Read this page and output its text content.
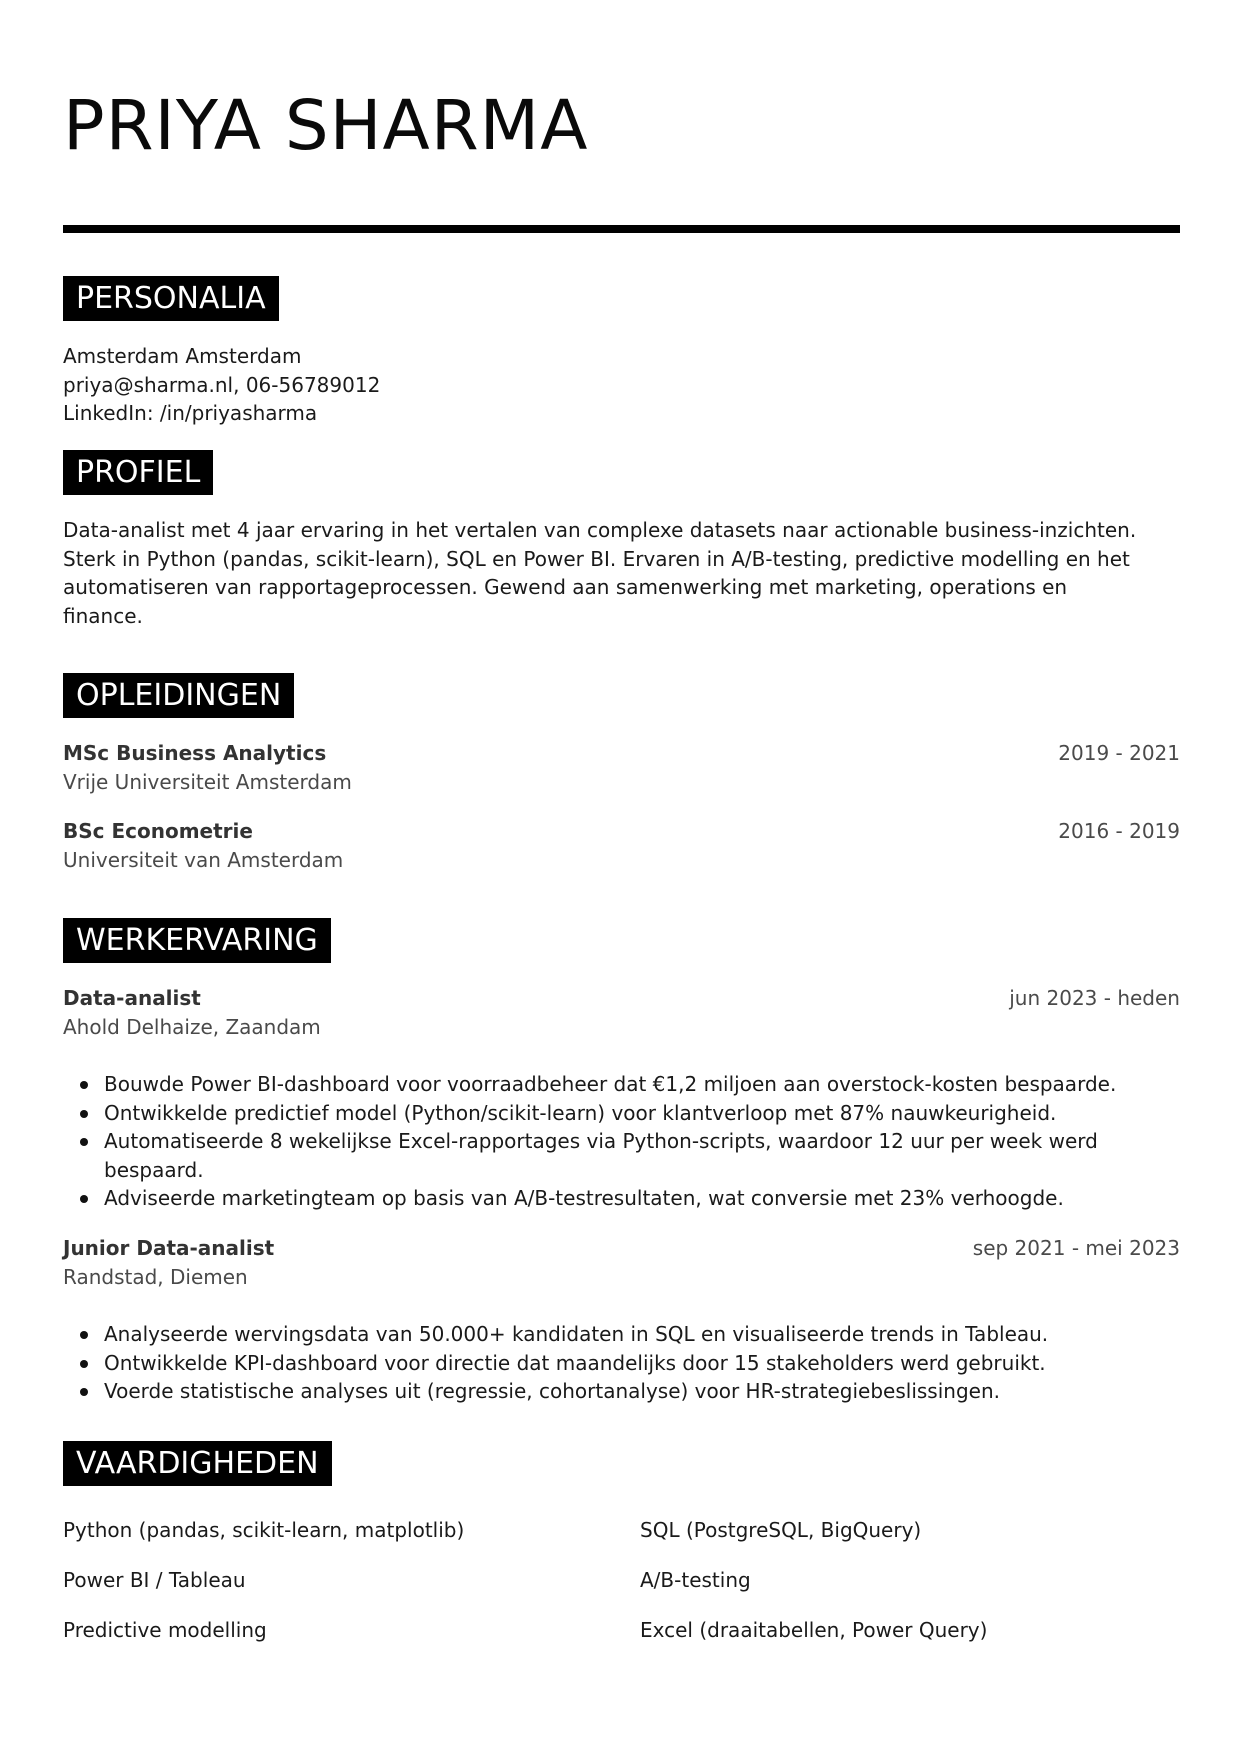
PRIYA SHARMA
PERSONALIA
Amsterdam Amsterdam
priya@sharma.nl, 06-56789012
LinkedIn: /in/priyasharma
PROFIEL
Data-analist met 4 jaar ervaring in het vertalen van complexe datasets naar actionable business-inzichten.
Sterk in Python (pandas, scikit-learn), SQL en Power BI. Ervaren in A/B-testing, predictive modelling en het
automatiseren van rapportageprocessen. Gewend aan samenwerking met marketing, operations en
finance.
OPLEIDINGEN
MSc Business Analytics	2019 - 2021
Vrije Universiteit Amsterdam
BSc Econometrie	2016 - 2019
Universiteit van Amsterdam
WERKERVARING
Data-analist	jun 2023 - heden
Ahold Delhaize, Zaandam
Bouwde Power BI-dashboard voor voorraadbeheer dat €1,2 miljoen aan overstock-kosten bespaarde.
Ontwikkelde predictief model (Python/scikit-learn) voor klantverloop met 87% nauwkeurigheid.
Automatiseerde 8 wekelijkse Excel-rapportages via Python-scripts, waardoor 12 uur per week werd
bespaard.
Adviseerde marketingteam op basis van A/B-testresultaten, wat conversie met 23% verhoogde.
Junior Data-analist	sep 2021 - mei 2023
Randstad, Diemen
Analyseerde wervingsdata van 50.000+ kandidaten in SQL en visualiseerde trends in Tableau.
Ontwikkelde KPI-dashboard voor directie dat maandelijks door 15 stakeholders werd gebruikt.
Voerde statistische analyses uit (regressie, cohortanalyse) voor HR-strategiebeslissingen.
VAARDIGHEDEN
Python (pandas, scikit-learn, matplotlib)	SQL (PostgreSQL, BigQuery)
Power BI / Tableau	A/B-testing
Predictive modelling	Excel (draaitabellen, Power Query)
